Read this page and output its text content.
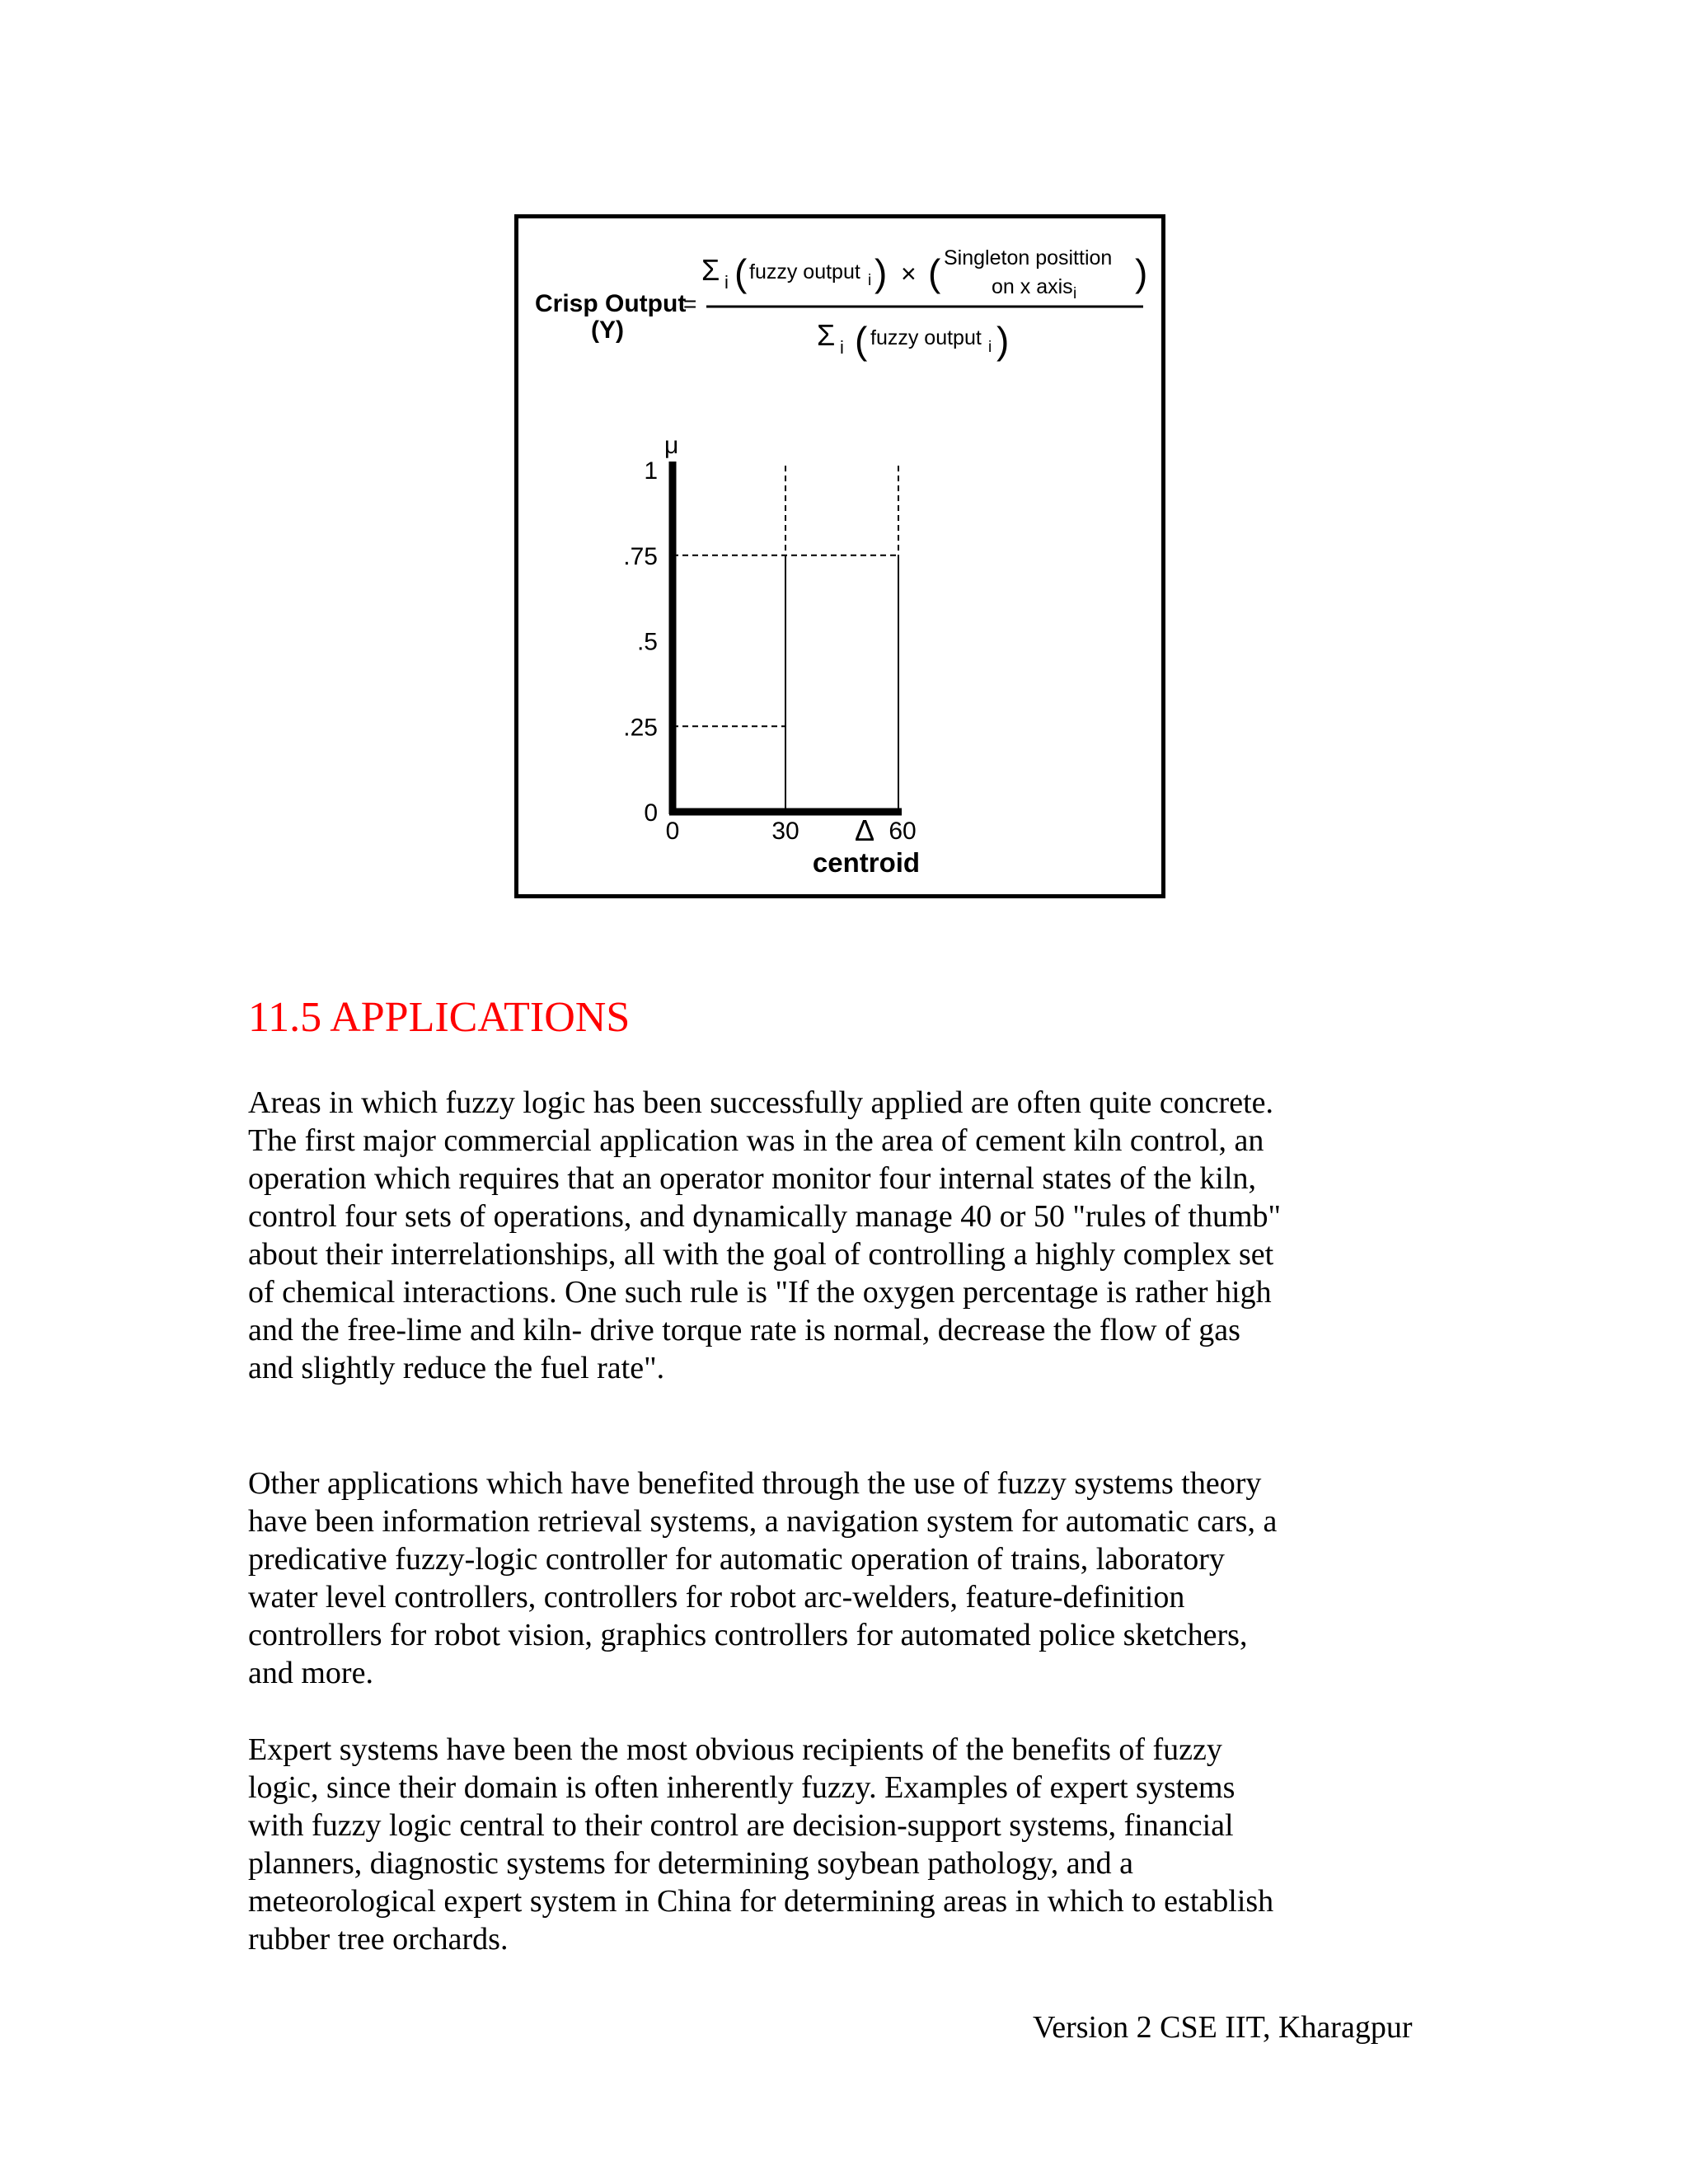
Crisp Output
(Y)
=
Σ i ( fuzzy output i ) × ( Singleton posittion
on x axis i )
Σ i ( fuzzy output i )
μ
1
.75
.5
.25
0
0	30	60
Δ
centroid
11.5 APPLICATIONS

Areas in which fuzzy logic has been successfully applied are often quite concrete.
The first major commercial application was in the area of cement kiln control, an
operation which requires that an operator monitor four internal states of the kiln,
control four sets of operations, and dynamically manage 40 or 50 "rules of thumb"
about their interrelationships, all with the goal of controlling a highly complex set
of chemical interactions. One such rule is "If the oxygen percentage is rather high
and the free-lime and kiln- drive torque rate is normal, decrease the flow of gas
and slightly reduce the fuel rate".

Other applications which have benefited through the use of fuzzy systems theory
have been information retrieval systems, a navigation system for automatic cars, a
predicative fuzzy-logic controller for automatic operation of trains, laboratory
water level controllers, controllers for robot arc-welders, feature-definition
controllers for robot vision, graphics controllers for automated police sketchers,
and more.

Expert systems have been the most obvious recipients of the benefits of fuzzy
logic, since their domain is often inherently fuzzy. Examples of expert systems
with fuzzy logic central to their control are decision-support systems, financial
planners, diagnostic systems for determining soybean pathology, and a
meteorological expert system in China for determining areas in which to establish
rubber tree orchards.

Version 2 CSE IIT, Kharagpur
